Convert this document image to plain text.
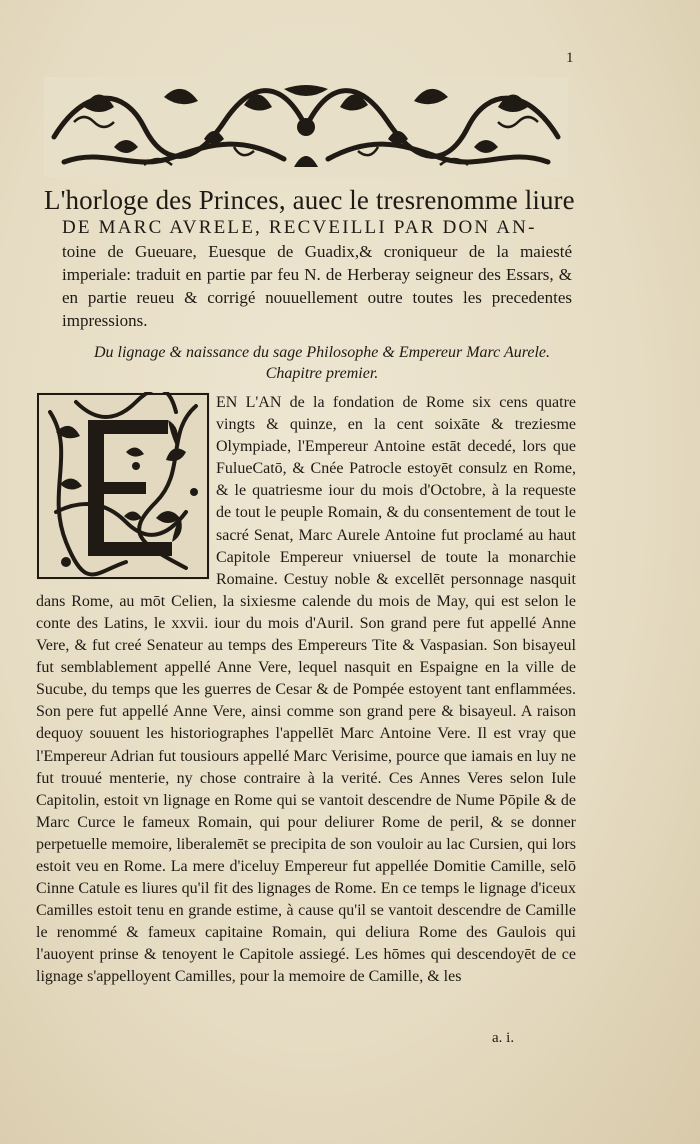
1

L'horloge des Princes, auec le tresrenomme liure

DE MARC AVRELE, RECVEILLI PAR DON AN-

toine de Gueuare, Euesque de Guadix,& croniqueur de la maiesté imperiale: traduit en partie par feu N. de Herberay seigneur des Essars, & en partie reueu & corrigé nouuellement outre toutes les precedentes impressions.

Du lignage & naissance du sage Philosophe & Empereur Marc Aurele.
Chapitre premier.
EN L'AN de la fondation de Rome six cens quatre vingts & quinze, en la cent soixāte & treziesme Olympiade, l'Empereur Antoine estāt decedé, lors que FulueCatō, & Cnée Patrocle estoyēt consulz en Rome, & le quatriesme iour du mois d'Octobre, à la requeste de tout le peuple Romain, & du consentement de tout le sacré Senat, Marc Aurele Antoine fut proclamé au haut Capitole Empereur vniuersel de toute la monarchie Romaine. Cestuy noble & excellēt personnage nasquit dans Rome, au mōt Celien, la sixiesme calende du mois de May, qui est selon le conte des Latins, le xxvii. iour du mois d'Auril. Son grand pere fut appellé Anne Vere, & fut creé Senateur au temps des Empereurs Tite & Vaspasian. Son bisayeul fut semblablement appellé Anne Vere, lequel nasquit en Espaigne en la ville de Sucube, du temps que les guerres de Cesar & de Pompée estoyent tant enflammées. Son pere fut appellé Anne Vere, ainsi comme son grand pere & bisayeul. A raison dequoy souuent les historiographes l'appellēt Marc Antoine Vere. Il est vray que l'Empereur Adrian fut tousiours appellé Marc Verisime, pource que iamais en luy ne fut trouué menterie, ny chose contraire à la verité. Ces Annes Veres selon Iule Capitolin, estoit vn lignage en Rome qui se vantoit descendre de Nume Pōpile & de Marc Curce le fameux Romain, qui pour deliurer Rome de peril, & se donner perpetuelle memoire, liberalemēt se precipita de son vouloir au lac Cursien, qui lors estoit veu en Rome. La mere d'iceluy Empereur fut appellée Domitie Camille, selō Cinne Catule es liures qu'il fit des lignages de Rome. En ce temps le lignage d'iceux Camilles estoit tenu en grande estime, à cause qu'il se vantoit descendre de Camille le renommé & fameux capitaine Romain, qui deliura Rome des Gaulois qui l'auoyent prinse & tenoyent le Capitole assiegé. Les hōmes qui descendoyēt de ce lignage s'appelloyent Camilles, pour la memoire de Camille, & les
a. i.
